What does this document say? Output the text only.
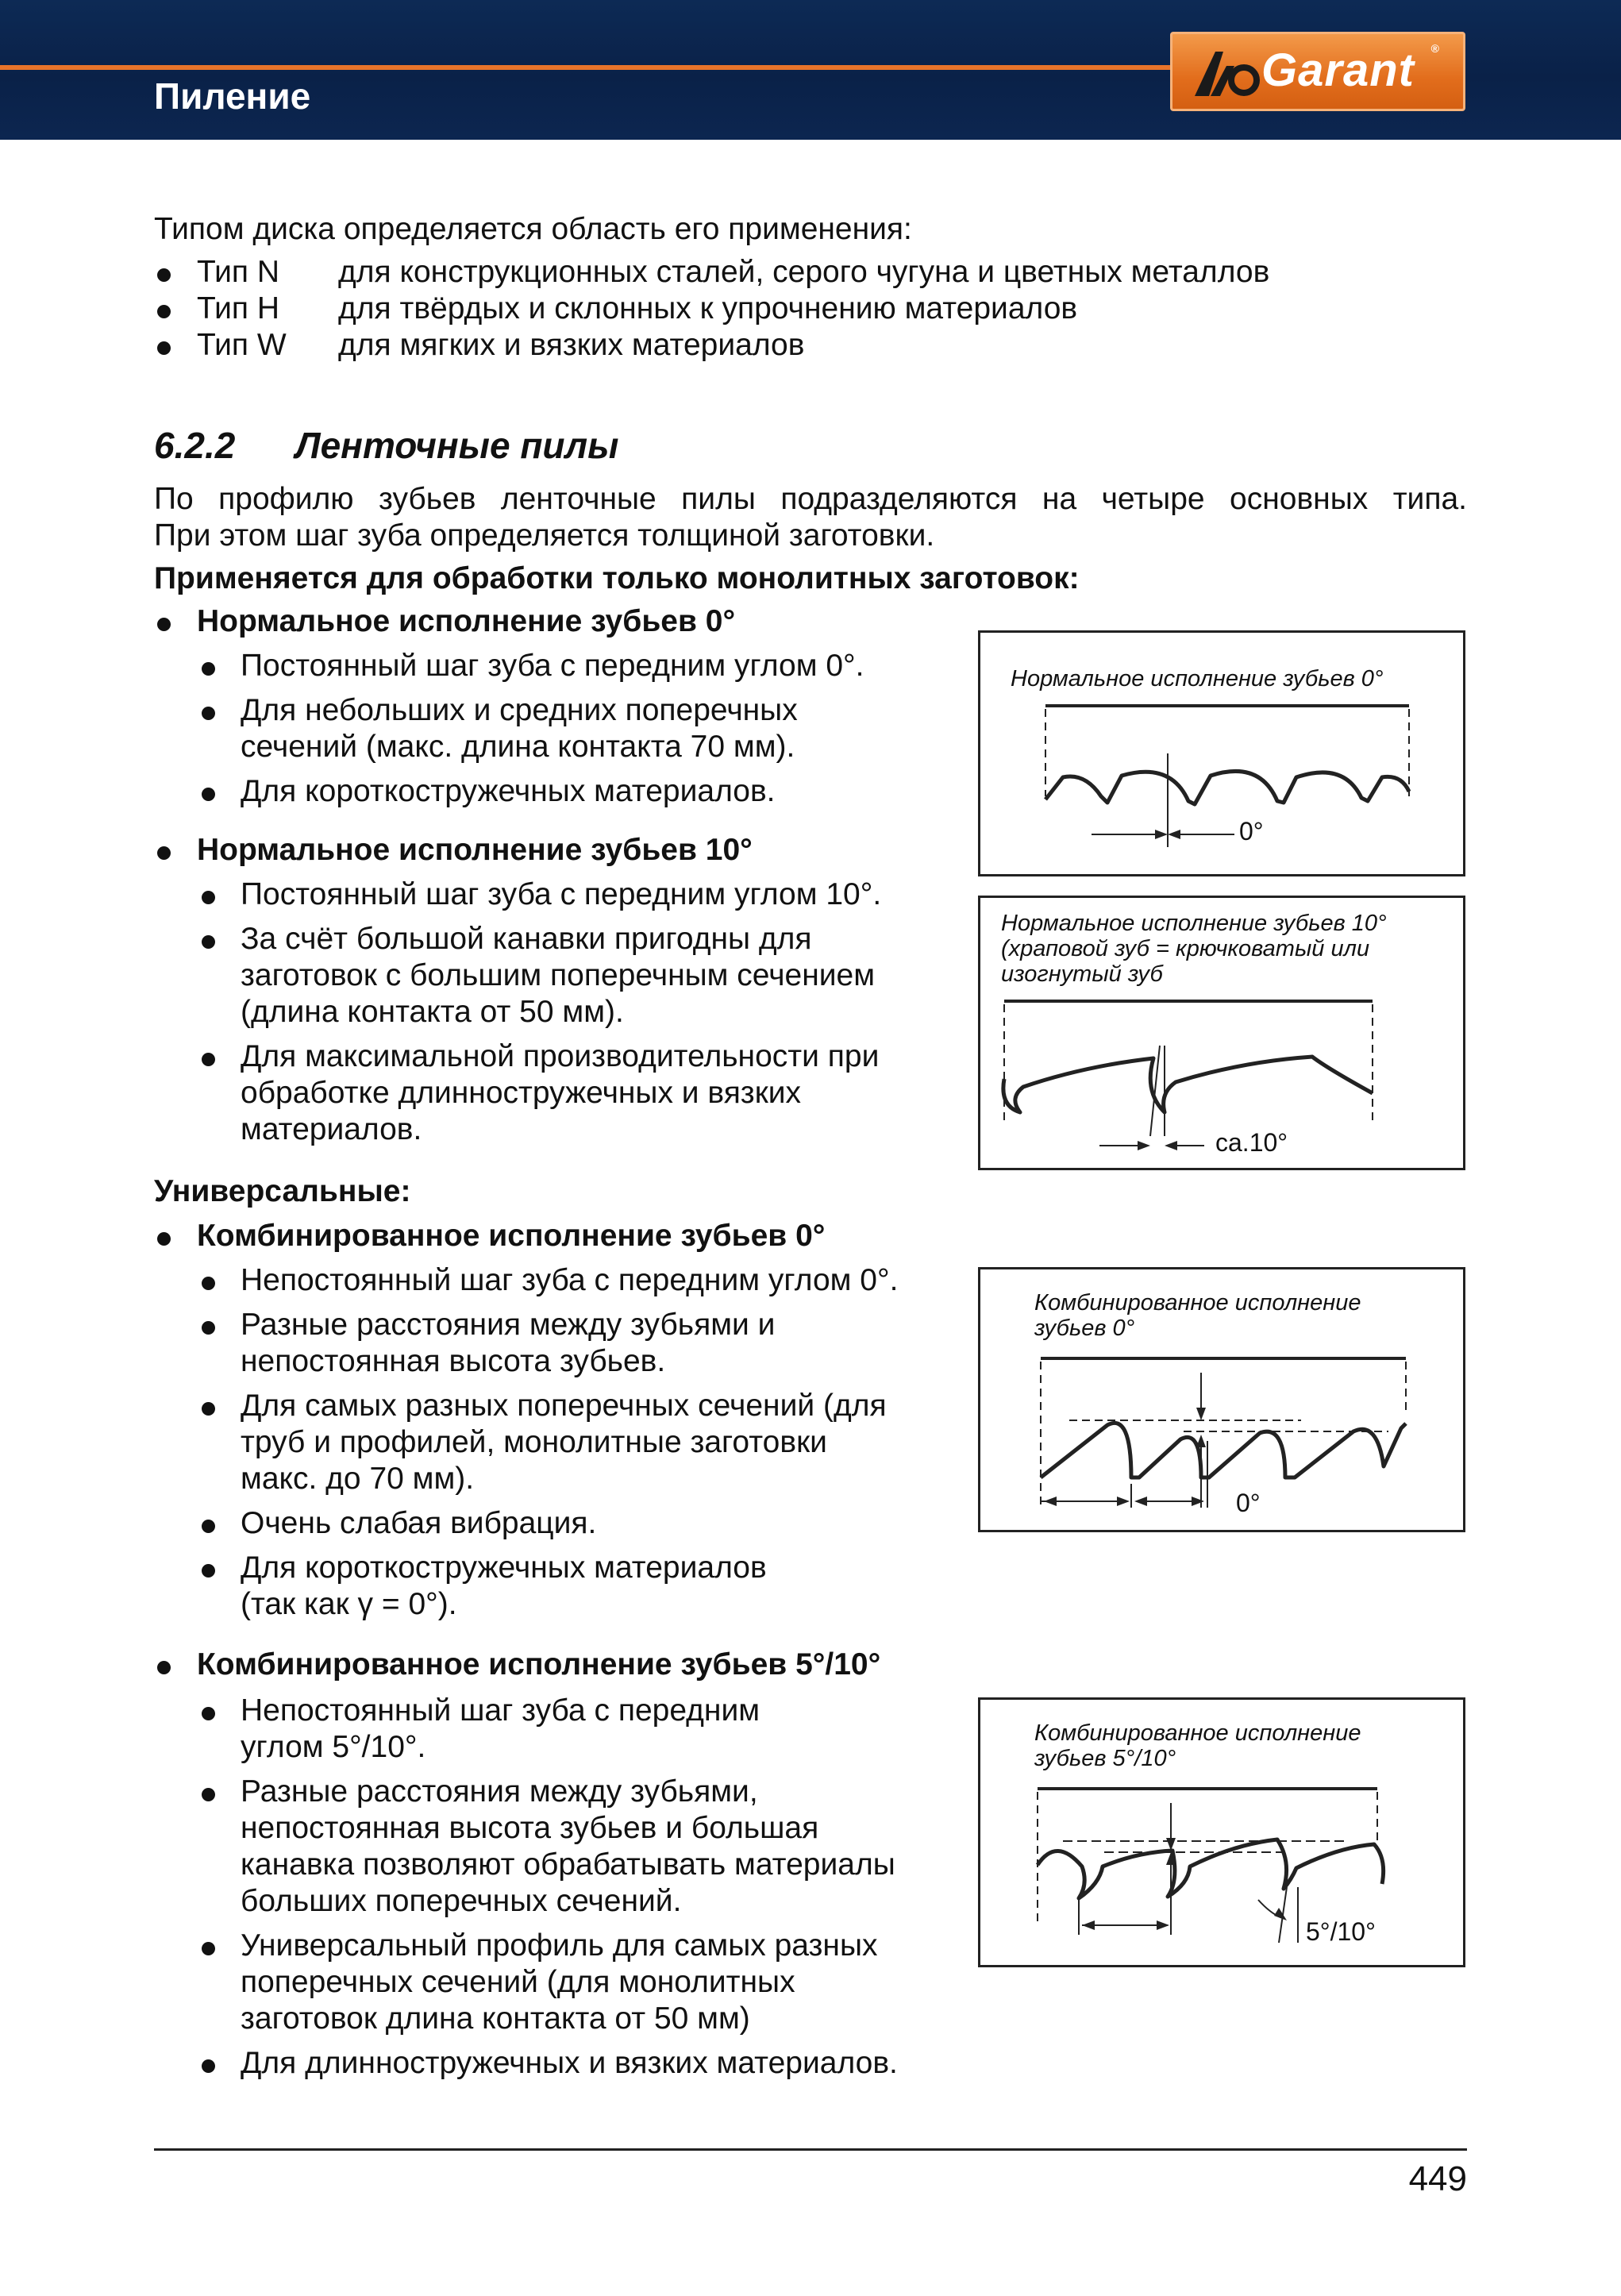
Пиление	Garant ®
Типом диска определяется область его применения:
Тип N для конструкционных сталей, серого чугуна и цветных металлов
Тип H для твёрдых и склонных к упрочнению материалов
Тип W для мягких и вязких материалов
6.2.2 Ленточные пилы
По профилю зубьев ленточные пилы подразделяются на четыре основных типа.
При этом шаг зуба определяется толщиной заготовки.
Применяется для обработки только монолитных заготовок:
Нормальное исполнение зубьев 0°
Постоянный шаг зуба с передним углом 0°.
Для небольших и средних поперечных
сечений (макс. длина контакта 70 мм).
Для короткостружечных материалов.
Нормальное исполнение зубьев 10°
Постоянный шаг зуба с передним углом 10°.
За счёт большой канавки пригодны для
заготовок с большим поперечным сечением
(длина контакта от 50 мм).
Для максимальной производительности при
обработке длинностружечных и вязких
материалов.
Универсальные:
Комбинированное исполнение зубьев 0°
Непостоянный шаг зуба с передним углом 0°.
Разные расстояния между зубьями и
непостоянная высота зубьев.
Для самых разных поперечных сечений (для
труб и профилей, монолитные заготовки
макс. до 70 мм).
Очень слабая вибрация.
Для короткостружечных материалов
(так как γ = 0°).
Комбинированное исполнение зубьев 5°/10°
Непостоянный шаг зуба с передним
углом 5°/10°.
Разные расстояния между зубьями,
непостоянная высота зубьев и большая
канавка позволяют обрабатывать материалы
больших поперечных сечений.
Универсальный профиль для самых разных
поперечных сечений (для монолитных
заготовок длина контакта от 50 мм)
Для длинностружечных и вязких материалов.
Нормальное исполнение зубьев 0°
0°
Нормальное исполнение зубьев 10°
(храповой зуб = крючковатый или
изогнутый зуб
ca.10°
Комбинированное исполнение
зубьев 0°
0°
Комбинированное исполнение
зубьев 5°/10°
5°/10°
449
